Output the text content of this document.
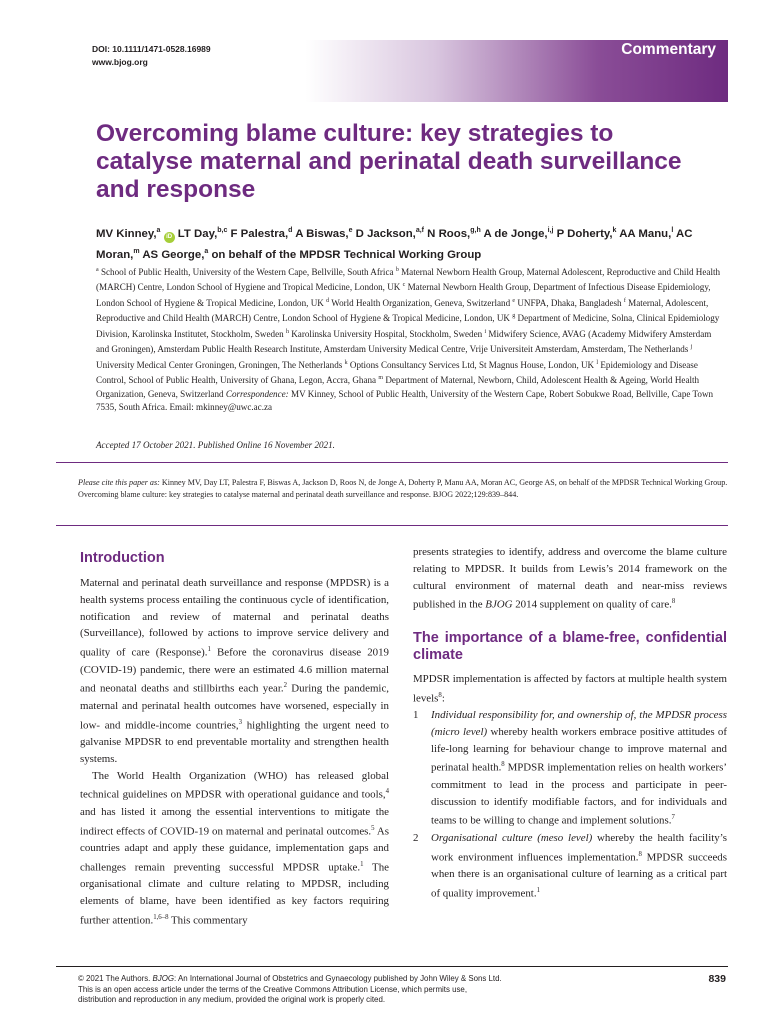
DOI: 10.1111/1471-0528.16989
www.bjog.org
Commentary
Overcoming blame culture: key strategies to catalyse maternal and perinatal death surveillance and response
MV Kinney,$^a$ iD LT Day,$^{b,c}$ F Palestra,$^d$ A Biswas,$^e$ D Jackson,$^{a,f}$ N Roos,$^{g,h}$ A de Jonge,$^{i,j}$ P Doherty,$^k$ AA Manu,$^l$ AC Moran,$^m$ AS George,$^a$ on behalf of the MPDSR Technical Working Group
$^a$ School of Public Health, University of the Western Cape, Bellville, South Africa $^b$ Maternal Newborn Health Group, Maternal Adolescent, Reproductive and Child Health (MARCH) Centre, London School of Hygiene and Tropical Medicine, London, UK $^c$ Maternal Newborn Health Group, Department of Infectious Disease Epidemiology, London School of Hygiene & Tropical Medicine, London, UK $^d$ World Health Organization, Geneva, Switzerland $^e$ UNFPA, Dhaka, Bangladesh $^f$ Maternal, Adolescent, Reproductive and Child Health (MARCH) Centre, London School of Hygiene & Tropical Medicine, London, UK $^g$ Department of Medicine, Solna, Clinical Epidemiology Division, Karolinska Institutet, Stockholm, Sweden $^h$ Karolinska University Hospital, Stockholm, Sweden $^i$ Midwifery Science, AVAG (Academy Midwifery Amsterdam and Groningen), Amsterdam Public Health Research Institute, Amsterdam University Medical Centre, Vrije Universiteit Amsterdam, Amsterdam, The Netherlands $^j$ University Medical Center Groningen, Groningen, The Netherlands $^k$ Options Consultancy Services Ltd, St Magnus House, London, UK $^l$ Epidemiology and Disease Control, School of Public Health, University of Ghana, Legon, Accra, Ghana $^m$ Department of Maternal, Newborn, Child, Adolescent Health & Ageing, World Health Organization, Geneva, Switzerland Correspondence: MV Kinney, School of Public Health, University of the Western Cape, Robert Sobukwe Road, Bellville, Cape Town 7535, South Africa. Email: mkinney@uwc.ac.za
Accepted 17 October 2021. Published Online 16 November 2021.
Please cite this paper as: Kinney MV, Day LT, Palestra F, Biswas A, Jackson D, Roos N, de Jonge A, Doherty P, Manu AA, Moran AC, George AS, on behalf of the MPDSR Technical Working Group. Overcoming blame culture: key strategies to catalyse maternal and perinatal death surveillance and response. BJOG 2022;129:839–844.
Introduction

Maternal and perinatal death surveillance and response (MPDSR) is a health systems process entailing the continuous cycle of identification, notification and review of maternal and perinatal deaths (Surveillance), followed by actions to improve service delivery and quality of care (Response).$^1$ Before the coronavirus disease 2019 (COVID-19) pandemic, there were an estimated 4.6 million maternal and neonatal deaths and stillbirths each year.$^2$ During the pandemic, maternal and perinatal health outcomes have worsened, especially in low- and middle-income countries,$^3$ highlighting the urgent need to galvanise MPDSR to end preventable mortality and strengthen health systems.

The World Health Organization (WHO) has released global technical guidelines on MPDSR with operational guidance and tools,$^4$ and has listed it among the essential interventions to mitigate the indirect effects of COVID-19 on maternal and perinatal outcomes.$^5$ As countries adapt and apply these guidance, implementation gaps and challenges remain preventing successful MPDSR uptake.$^1$ The organisational climate and culture relating to MPDSR, including elements of blame, have been identified as key factors requiring further attention.$^{1,6-8}$ This commentary

presents strategies to identify, address and overcome the blame culture relating to MPDSR. It builds from Lewis’s 2014 framework on the cultural environment of maternal death and near-miss reviews published in the BJOG 2014 supplement on quality of care.$^8$

The importance of a blame-free, confidential climate

MPDSR implementation is affected by factors at multiple health system levels$^8$:

1	Individual responsibility for, and ownership of, the MPDSR process (micro level) whereby health workers embrace positive attitudes of life-long learning for behaviour change to improve maternal and perinatal health.$^8$ MPDSR implementation relies on health workers’ commitment to lead in the process and participate in peer-discussion to identify modifiable factors, and for individuals and teams to be willing to change and implement solutions.$^7$
2	Organisational culture (meso level) whereby the health facility’s work environment influences implementation.$^8$ MPDSR succeeds when there is an organisational culture of learning as a critical part of quality improvement.$^1$
© 2021 The Authors. BJOG: An International Journal of Obstetrics and Gynaecology published by John Wiley & Sons Ltd.
This is an open access article under the terms of the Creative Commons Attribution License, which permits use,
distribution and reproduction in any medium, provided the original work is properly cited.
839
